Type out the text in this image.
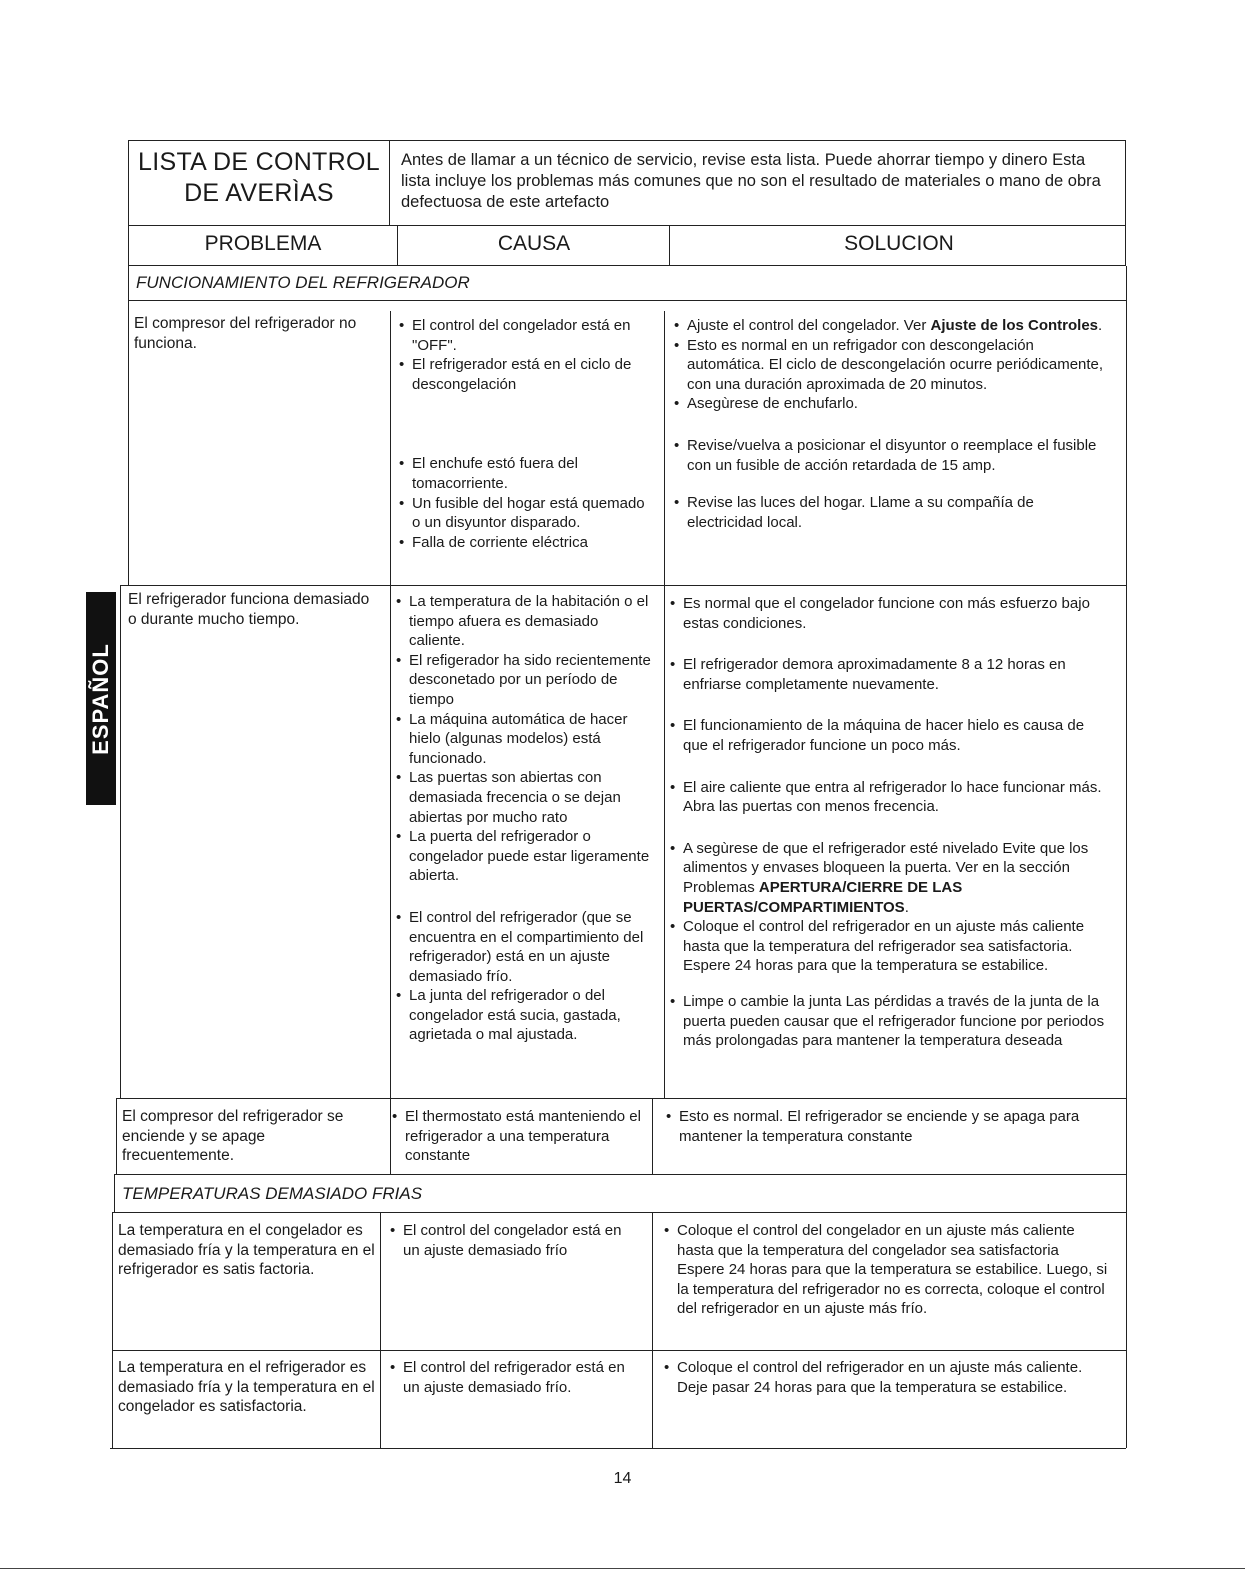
LISTA DE CONTROL
DE AVERÌAS
Antes de llamar a un técnico de servicio, revise esta lista. Puede ahorrar tiempo y dinero Esta lista incluye los problemas más comunes que no son el resultado de materiales o mano de obra defectuosa de este artefacto
PROBLEMA	CAUSA	SOLUCION
FUNCIONAMIENTO DEL REFRIGERADOR
El compresor del refrigerador no funciona.
• El control del congelador está en "OFF".
• El refrigerador está en el ciclo de descongelación
• El enchufe estó fuera del tomacorriente.
• Un fusible del hogar está quemado o un disyuntor disparado.
• Falla de corriente eléctrica
• Ajuste el control del congelador. Ver Ajuste de los Controles.
• Esto es normal en un refrigador con descongelación automática. El ciclo de descongelación ocurre periódicamente, con una duración aproximada de 20 minutos.
• Asegùrese de enchufarlo.
• Revise/vuelva a posicionar el disyuntor o reemplace el fusible con un fusible de acción retardada de 15 amp.
• Revise las luces del hogar. Llame a su compañía de electricidad local.
El refrigerador funciona demasiado o durante mucho tiempo.
• La temperatura de la habitación o el tiempo afuera es demasiado caliente.
• El refigerador ha sido recientemente desconetado por un período de tiempo
• La máquina automática de hacer hielo (algunas modelos) está funcionado.
• Las puertas son abiertas con demasiada frecencia o se dejan abiertas por mucho rato
• La puerta del refrigerador o congelador puede estar ligeramente abierta.
• El control del refrigerador (que se encuentra en el compartimiento del refrigerador) está en un ajuste demasiado frío.
• La junta del refrigerador o del congelador está sucia, gastada, agrietada o mal ajustada.
• Es normal que el congelador funcione con más esfuerzo bajo estas condiciones.
• El refrigerador demora aproximadamente 8 a 12 horas en enfriarse completamente nuevamente.
• El funcionamiento de la máquina de hacer hielo es causa de que el refrigerador funcione un poco más.
• El aire caliente que entra al refrigerador lo hace funcionar más. Abra las puertas con menos frecencia.
• A segùrese de que el refrigerador esté nivelado Evite que los alimentos y envases bloqueen la puerta. Ver en la sección Problemas APERTURA/CIERRE DE LAS PUERTAS/COMPARTIMIENTOS.
• Coloque el control del refrigerador en un ajuste más caliente hasta que la temperatura del refrigerador sea satisfactoria. Espere 24 horas para que la temperatura se estabilice.
• Limpe o cambie la junta Las pérdidas a través de la junta de la puerta pueden causar que el refrigerador funcione por periodos más prolongadas para mantener la temperatura deseada
El compresor del refrigerador se enciende y se apage frecuentemente.
• El thermostato está manteniendo el refrigerador a una temperatura constante
• Esto es normal. El refrigerador se enciende y se apaga para mantener la temperatura constante
TEMPERATURAS DEMASIADO FRIAS
La temperatura en el congelador es demasiado fría y la temperatura en el refrigerador es satis factoria.
• El control del congelador está en un ajuste demasiado frío
• Coloque el control del congelador en un ajuste más caliente hasta que la temperatura del congelador sea satisfactoria Espere 24 horas para que la temperatura se estabilice. Luego, si la temperatura del refrigerador no es correcta, coloque el control del refrigerador en un ajuste más frío.
La temperatura en el refrigerador es demasiado fría y la temperatura en el congelador es satisfactoria.
• El control del refrigerador está en un ajuste demasiado frío.
• Coloque el control del refrigerador en un ajuste más caliente. Deje pasar 24 horas para que la temperatura se estabilice.
ESPAÑOL
14
